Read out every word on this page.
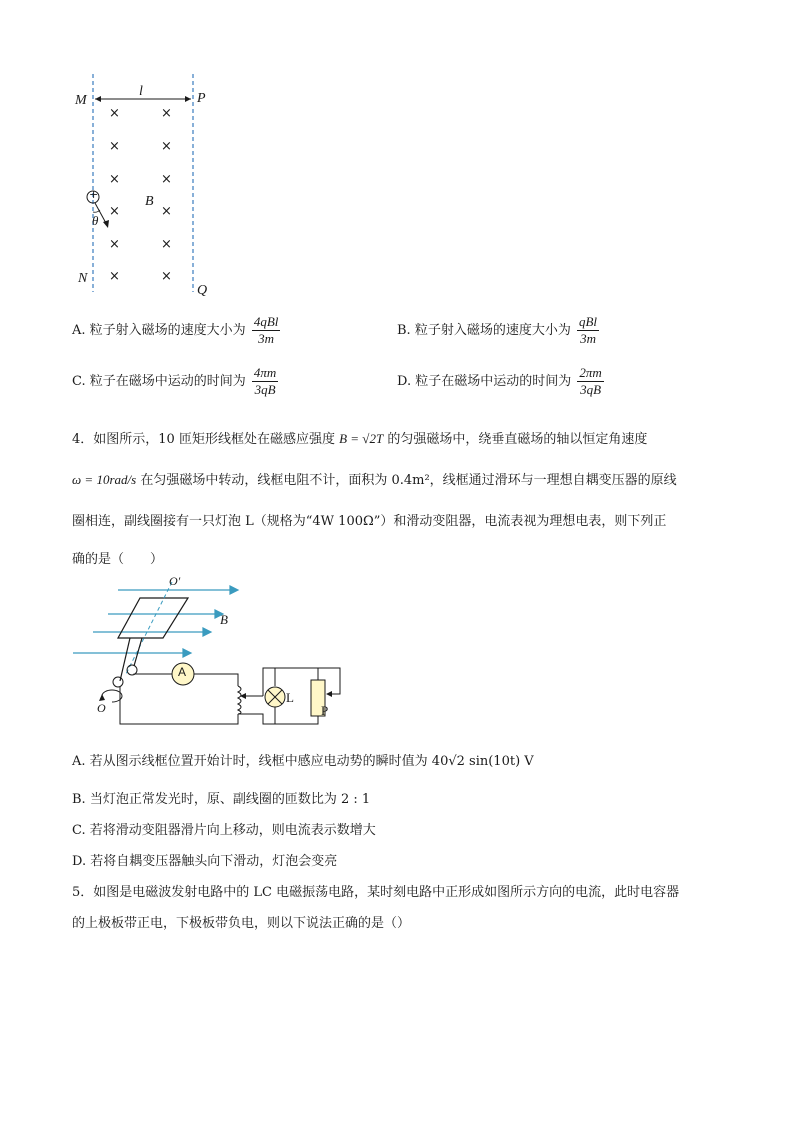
M	P
l
N
Q
B
θ
+
×	×
×	×
×	×
×	×
×	×
×	×
A. 粒子射入磁场的速度大小为 $\frac{\text{4qBl}}{3m}$	B. 粒子射入磁场的速度大小为 $\frac{\text{qBl}}{3m}$
C. 粒子在磁场中运动的时间为 $\frac{4\pi m}{3qB}$	D. 粒子在磁场中运动的时间为 $\frac{2\pi m}{3qB}$
4．如图所示，10 匝矩形线框处在磁感应强度 B = √2T 的匀强磁场中，绕垂直磁场的轴以恒定角速度
ω = 10rad/s 在匀强磁场中转动，线框电阻不计，面积为 0.4m²，线框通过滑环与一理想自耦变压器的原线
圈相连，副线圈接有一只灯泡 L（规格为“4W 100Ω”）和滑动变阻器，电流表视为理想电表，则下列正
确的是（　　）
O′
O
B
A
L
P
A. 若从图示线框位置开始计时，线框中感应电动势的瞬时值为 40√2 sin(10t) V
B. 当灯泡正常发光时，原、副线圈的匝数比为 2 : 1
C. 若将滑动变阻器滑片向上移动，则电流表示数增大
D. 若将自耦变压器触头向下滑动，灯泡会变亮
5．如图是电磁波发射电路中的 LC 电磁振荡电路，某时刻电路中正形成如图所示方向的电流，此时电容器
的上极板带正电，下极板带负电，则以下说法正确的是（）
